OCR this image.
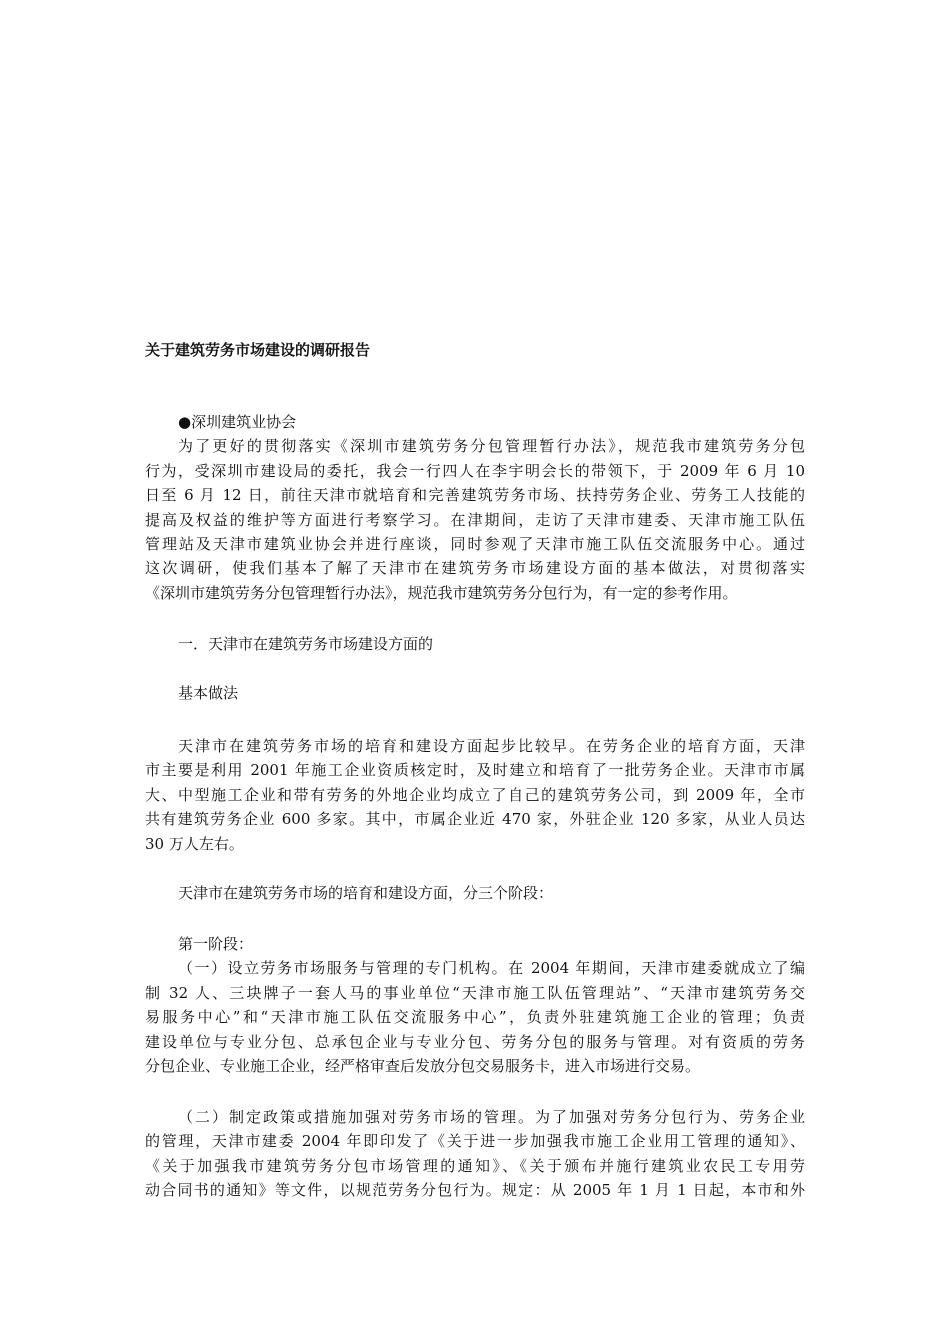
关于建筑劳务市场建设的调研报告
●深圳建筑业协会
为了更好的贯彻落实《深圳市建筑劳务分包管理暂行办法》，规范我市建筑劳务分包
行为，受深圳市建设局的委托，我会一行四人在李宇明会长的带领下，于 2009 年 6 月 10
日至 6 月 12 日，前往天津市就培育和完善建筑劳务市场、扶持劳务企业、劳务工人技能的
提高及权益的维护等方面进行考察学习。在津期间，走访了天津市建委、天津市施工队伍
管理站及天津市建筑业协会并进行座谈，同时参观了天津市施工队伍交流服务中心。通过
这次调研，使我们基本了解了天津市在建筑劳务市场建设方面的基本做法，对贯彻落实
《深圳市建筑劳务分包管理暂行办法》，规范我市建筑劳务分包行为，有一定的参考作用。
一．天津市在建筑劳务市场建设方面的
基本做法
天津市在建筑劳务市场的培育和建设方面起步比较早。在劳务企业的培育方面，天津
市主要是利用 2001 年施工企业资质核定时，及时建立和培育了一批劳务企业。天津市市属
大、中型施工企业和带有劳务的外地企业均成立了自己的建筑劳务公司，到 2009 年，全市
共有建筑劳务企业 600 多家。其中，市属企业近 470 家，外驻企业 120 多家，从业人员达
30 万人左右。
天津市在建筑劳务市场的培育和建设方面，分三个阶段：
第一阶段：
（一）设立劳务市场服务与管理的专门机构。在 2004 年期间，天津市建委就成立了编
制 32 人、三块牌子一套人马的事业单位“天津市施工队伍管理站”、“天津市建筑劳务交
易服务中心”和“天津市施工队伍交流服务中心”，负责外驻建筑施工企业的管理；负责
建设单位与专业分包、总承包企业与专业分包、劳务分包的服务与管理。对有资质的劳务
分包企业、专业施工企业，经严格审查后发放分包交易服务卡，进入市场进行交易。
（二）制定政策或措施加强对劳务市场的管理。为了加强对劳务分包行为、劳务企业
的管理，天津市建委 2004 年即印发了《关于进一步加强我市施工企业用工管理的通知》、
《关于加强我市建筑劳务分包市场管理的通知》、《关于颁布并施行建筑业农民工专用劳
动合同书的通知》等文件，以规范劳务分包行为。规定：从 2005 年 1 月 1 日起，本市和外
